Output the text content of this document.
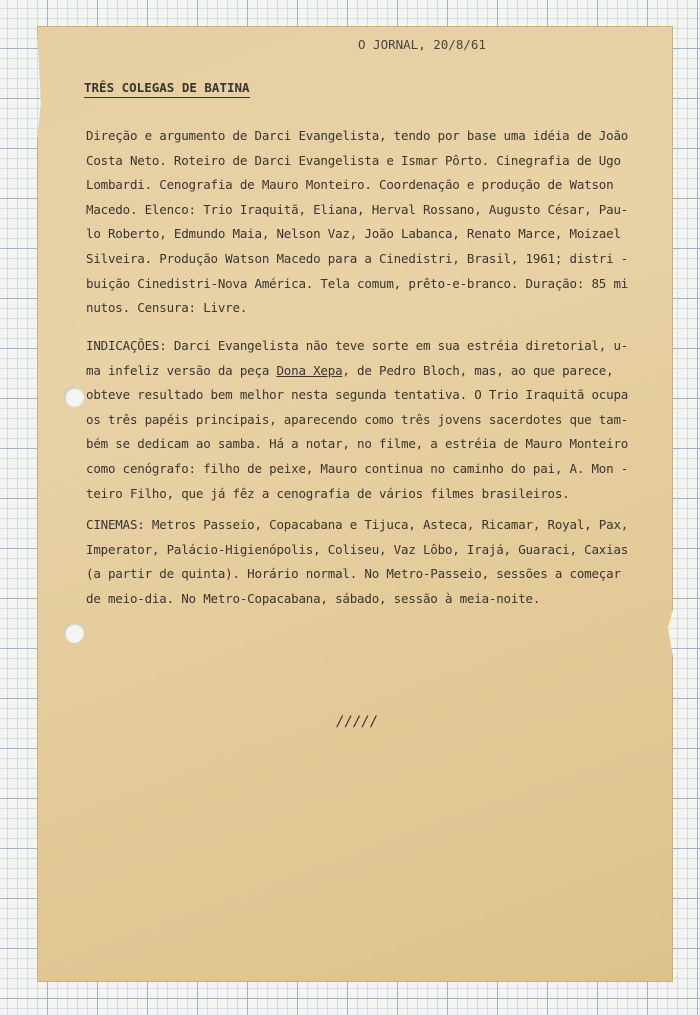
O JORNAL, 20/8/61
TRÊS COLEGAS DE BATINA
Direção e argumento de Darci Evangelista, tendo por base uma idéia de João
Costa Neto. Roteiro de Darci Evangelista e Ismar Pôrto. Cinegrafia de Ugo
Lombardi. Cenografia de Mauro Monteiro. Coordenação e produção de Watson
Macedo. Elenco: Trio Iraquitã, Eliana, Herval Rossano, Augusto César, Pau-
lo Roberto, Edmundo Maia, Nelson Vaz, João Labanca, Renato Marce, Moizael
Silveira. Produção Watson Macedo para a Cinedistri, Brasil, 1961; distri -
buição Cinedistri-Nova América. Tela comum, prêto-e-branco. Duração: 85 mi
nutos. Censura: Livre.
INDICAÇÕES: Darci Evangelista não teve sorte em sua estréia diretorial, u-
ma infeliz versão da peça Dona Xepa, de Pedro Bloch, mas, ao que parece,
obteve resultado bem melhor nesta segunda tentativa. O Trio Iraquitã ocupa
os três papéis principais, aparecendo como três jovens sacerdotes que tam-
bém se dedicam ao samba. Há a notar, no filme, a estréia de Mauro Monteiro
como cenógrafo: filho de peixe, Mauro continua no caminho do pai, A. Mon -
teiro Filho, que já fêz a cenografia de vários filmes brasileiros.
CINEMAS: Metros Passeio, Copacabana e Tijuca, Asteca, Ricamar, Royal, Pax,
Imperator, Palácio-Higienópolis, Coliseu, Vaz Lôbo, Irajá, Guaraci, Caxias
(a partir de quinta). Horário normal. No Metro-Passeio, sessões a começar
de meio-dia. No Metro-Copacabana, sábado, sessão à meia-noite.
/////
